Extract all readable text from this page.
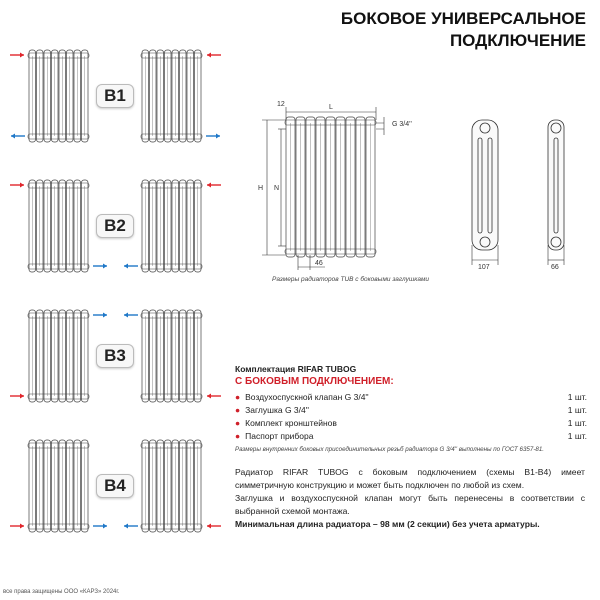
БОКОВОЕ УНИВЕРСАЛЬНОЕ
ПОДКЛЮЧЕНИЕ
B1
B2
B3
B4
12	L
G 3/4''
H N
46
107	66
Размеры радиаторов TUB с боковыми заглушками
Комплектация RIFAR TUBOG
С БОКОВЫМ ПОДКЛЮЧЕНИЕМ:
● Воздухоспускной клапан G 3/4''	1 шт.
● Заглушка G 3/4''	1 шт.
● Комплект кронштейнов	1 шт.
● Паспорт прибора	1 шт.
Размеры внутренних боковых присоединительных резьб радиатора G 3/4'' выполнены по ГОСТ 6357-81.
Радиатор RIFAR TUBOG с боковым подключением (схемы B1-B4) имеет симметричную конструкцию и может быть подключен по любой из схем.
Заглушка и воздухоспускной клапан могут быть перенесены в соответствии с выбранной схемой монтажа.
Минимальная длина радиатора – 98 мм (2 секции) без учета арматуры.
все права защищены ООО «КАРЗ» 2024г.
